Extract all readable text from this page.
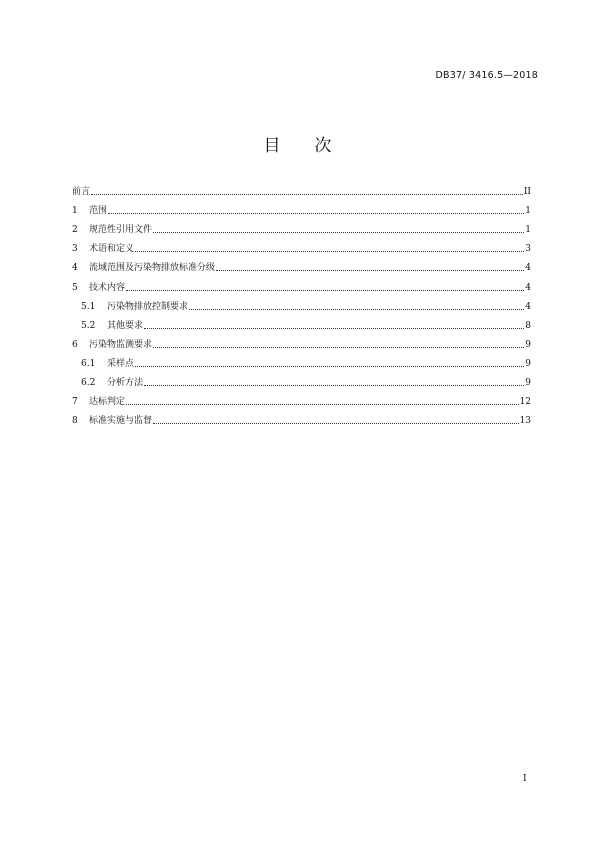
DB37/ 3416.5—2018
目 次
前言	II
1	范围	1
2	规范性引用文件	1
3	术语和定义	3
4	流域范围及污染物排放标准分级	4
5	技术内容	4
5.1	污染物排放控制要求	4
5.2	其他要求	8
6	污染物监测要求	9
6.1	采样点	9
6.2	分析方法	9
7	达标判定	12
8	标准实施与监督	13
I
